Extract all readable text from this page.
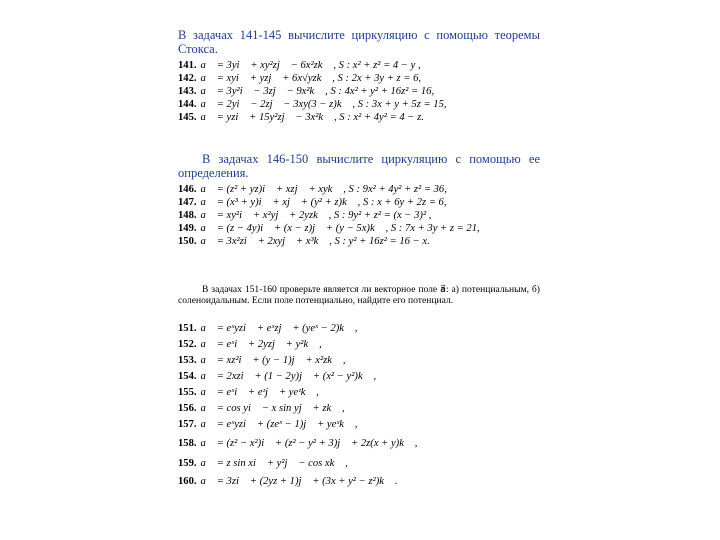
В задачах 141-145 вычислите циркуляцию с помощью теоремы Стокса.

141. a⃗ = 3yi⃗ + xy²zj⃗ − 6x²zk⃗ , S : x² + z² = 4 − y ,

142. a⃗ = xyi⃗ + yzj⃗ + 6x√yzk⃗ , S : 2x + 3y + z = 6,

143. a⃗ = 3y²i⃗ − 3zj⃗ − 9x²k⃗ , S : 4x² + y² + 16z² = 16,

144. a⃗ = 2yi⃗ − 2zj⃗ − 3xy(3 − z)k⃗ , S : 3x + y + 5z = 15,

145. a⃗ = yzi⃗ + 15y²zj⃗ − 3x²k⃗ , S : x² + 4y² = 4 − z.

В задачах 146-150 вычислите циркуляцию с помощью ее определения.

146. a⃗ = (z² + yz)i⃗ + xzj⃗ + xyk⃗ , S : 9x² + 4y² + z² = 36,

147. a⃗ = (x³ + y)i⃗ + xj⃗ + (y² + z)k⃗ , S : x + 6y + 2z = 6,

148. a⃗ = xy²i⃗ + x²yj⃗ + 2yzk⃗ , S : 9y² + z² = (x − 3)² ,

149. a⃗ = (z − 4y)i⃗ + (x − z)j⃗ + (y − 5x)k⃗ , S : 7x + 3y + z = 21,

150. a⃗ = 3x²zi⃗ + 2xyj⃗ + x³k⃗ , S : y² + 16z² = 16 − x.

В задачах 151-160 проверьте является ли векторное поле a⃗: а) потенциальным, б) соленоидальным. Если поле потенциально, найдите его потенциал.

151. a⃗ = eˣyzi⃗ + eˣzj⃗ + (yeˣ − 2)k⃗ ,

152. a⃗ = eˣi⃗ + 2yzj⃗ + y²k⃗ ,

153. a⃗ = xz²i⃗ + (y − 1)j⃗ + x²zk⃗ ,

154. a⃗ = 2xzi⃗ + (1 − 2y)j⃗ + (x² − y²)k⃗ ,

155. a⃗ = eˣi⃗ + eᶻj⃗ + yeᶻk⃗ ,

156. a⃗ = cos yi⃗ − x sin yj⃗ + zk⃗ ,

157. a⃗ = eˣyzi⃗ + (zeˣ − 1)j⃗ + yeˣk⃗ ,

158. a⃗ = (z² − x²)i⃗ + (z² − y² + 3)j⃗ + 2z(x + y)k⃗ ,

159. a⃗ = z sin xi⃗ + y²j⃗ − cos xk⃗ ,

160. a⃗ = 3zi⃗ + (2yz + 1)j⃗ + (3x + y² − z²)k⃗ .
